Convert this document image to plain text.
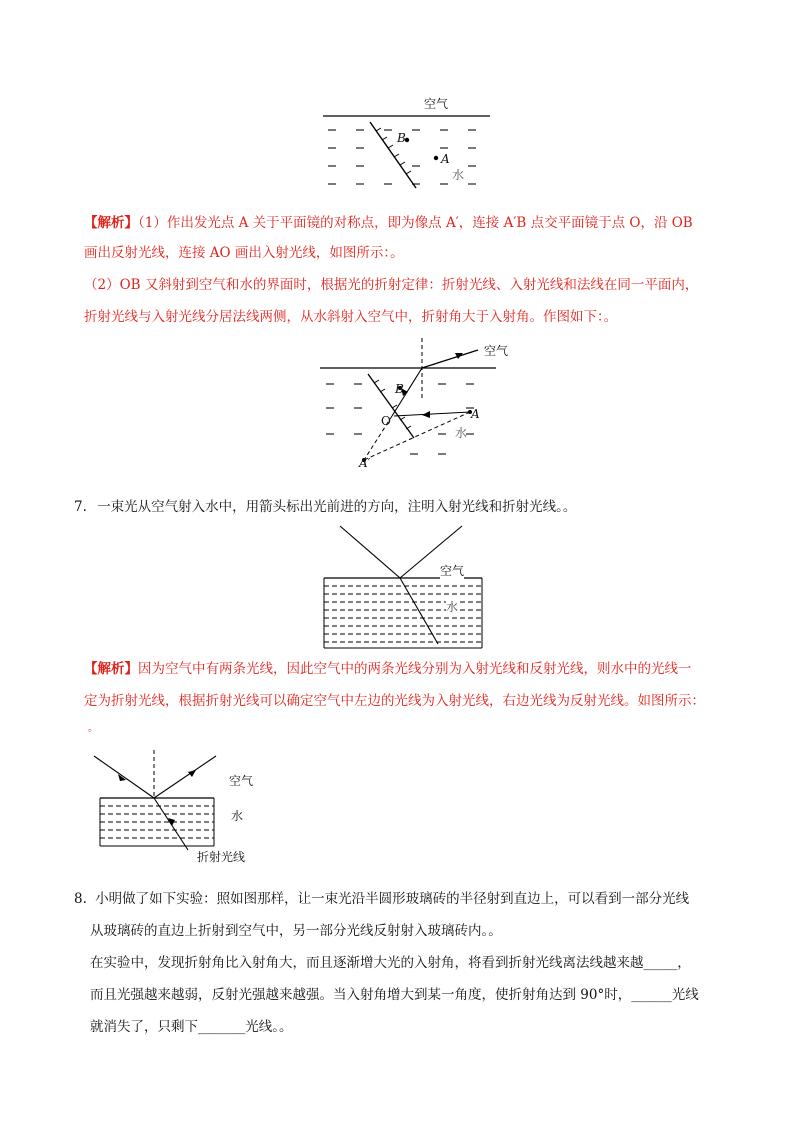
空气
B
A
水
【解析】（1）作出发光点 A 关于平面镜的对称点，即为像点 A′，连接 A′B 点交平面镜于点 O，沿 OB
画出反射光线，连接 AO 画出入射光线，如图所示：。
（2）OB 又斜射到空气和水的界面时，根据光的折射定律：折射光线、入射光线和法线在同一平面内，
折射光线与入射光线分居法线两侧，从水斜射入空气中，折射角大于入射角。作图如下：。
空气
B
A
O
水
A′
7. 一束光从空气射入水中，用箭头标出光前进的方向，注明入射光线和折射光线。。
空气
水
【解析】因为空气中有两条光线，因此空气中的两条光线分别为入射光线和反射光线，则水中的光线一
定为折射光线，根据折射光线可以确定空气中左边的光线为入射光线，右边光线为反射光线。如图所示：
。
空气
水
折射光线
8. 小明做了如下实验：照如图那样，让一束光沿半圆形玻璃砖的半径射到直边上，可以看到一部分光线
从玻璃砖的直边上折射到空气中，另一部分光线反射射入玻璃砖内。。
在实验中，发现折射角比入射角大，而且逐渐增大光的入射角，将看到折射光线离法线越来越_____，
而且光强越来越弱，反射光强越来越强。当入射角增大到某一角度，使折射角达到 90°时，______光线
就消失了，只剩下_______光线。。
